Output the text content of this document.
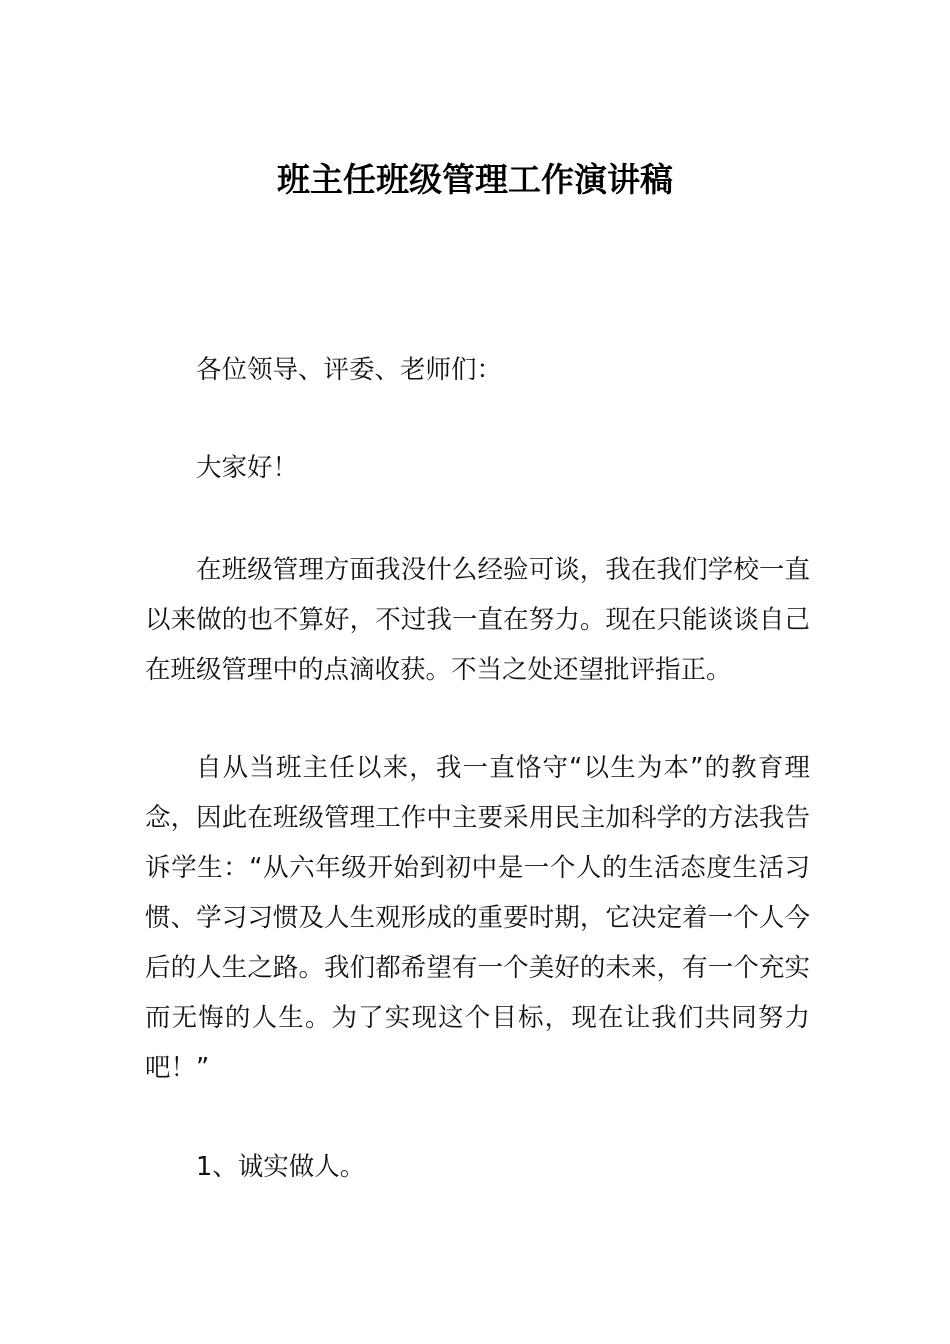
班主任班级管理工作演讲稿

各位领导、评委、老师们：

大家好！

在班级管理方面我没什么经验可谈，我在我们学校一直以来做的也不算好，不过我一直在努力。现在只能谈谈自己在班级管理中的点滴收获。不当之处还望批评指正。

自从当班主任以来，我一直恪守“以生为本”的教育理念，因此在班级管理工作中主要采用民主加科学的方法我告诉学生：“从六年级开始到初中是一个人的生活态度生活习惯、学习习惯及人生观形成的重要时期，它决定着一个人今后的人生之路。我们都希望有一个美好的未来，有一个充实而无悔的人生。为了实现这个目标，现在让我们共同努力吧！”

1、诚实做人。
